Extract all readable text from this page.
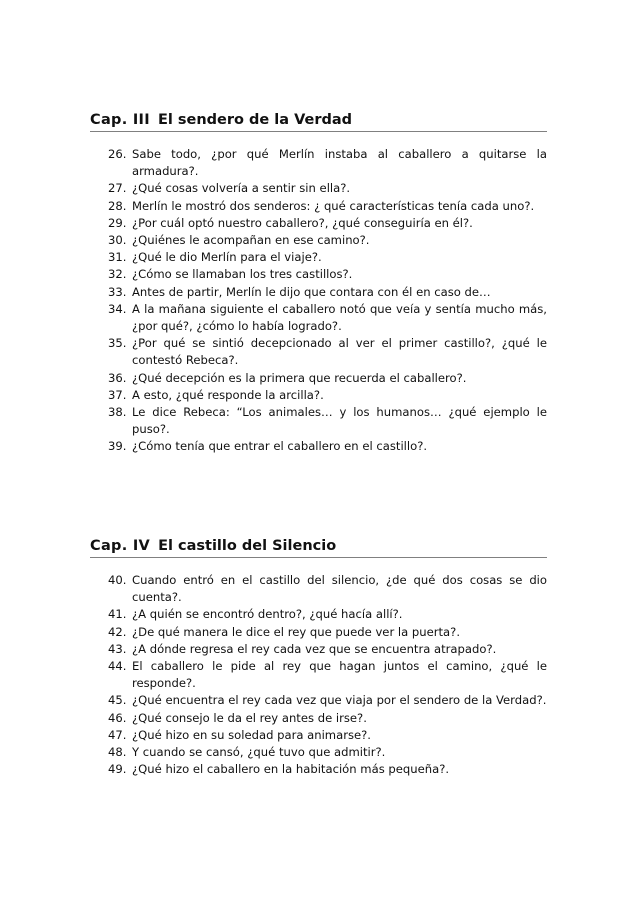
Cap. III El sendero de la Verdad
26. Sabe todo, ¿por qué Merlín instaba al caballero a quitarse la armadura?.
27. ¿Qué cosas volvería a sentir sin ella?.
28. Merlín le mostró dos senderos: ¿ qué características tenía cada uno?.
29. ¿Por cuál optó nuestro caballero?, ¿qué conseguiría en él?.
30. ¿Quiénes le acompañan en ese camino?.
31. ¿Qué le dio Merlín para el viaje?.
32. ¿Cómo se llamaban los tres castillos?.
33. Antes de partir, Merlín le dijo que contara con él en caso de…
34. A la mañana siguiente el caballero notó que veía y sentía mucho más, ¿por qué?, ¿cómo lo había logrado?.
35. ¿Por qué se sintió decepcionado al ver el primer castillo?, ¿qué le contestó Rebeca?.
36. ¿Qué decepción es la primera que recuerda el caballero?.
37. A esto, ¿qué responde la arcilla?.
38. Le dice Rebeca: “Los animales… y los humanos… ¿qué ejemplo le puso?.
39. ¿Cómo tenía que entrar el caballero en el castillo?.
Cap. IV El castillo del Silencio
40. Cuando entró en el castillo del silencio, ¿de qué dos cosas se dio cuenta?.
41. ¿A quién se encontró dentro?, ¿qué hacía allí?.
42. ¿De qué manera le dice el rey que puede ver la puerta?.
43. ¿A dónde regresa el rey cada vez que se encuentra atrapado?.
44. El caballero le pide al rey que hagan juntos el camino, ¿qué le responde?.
45. ¿Qué encuentra el rey cada vez que viaja por el sendero de la Verdad?.
46. ¿Qué consejo le da el rey antes de irse?.
47. ¿Qué hizo en su soledad para animarse?.
48. Y cuando se cansó, ¿qué tuvo que admitir?.
49. ¿Qué hizo el caballero en la habitación más pequeña?.
